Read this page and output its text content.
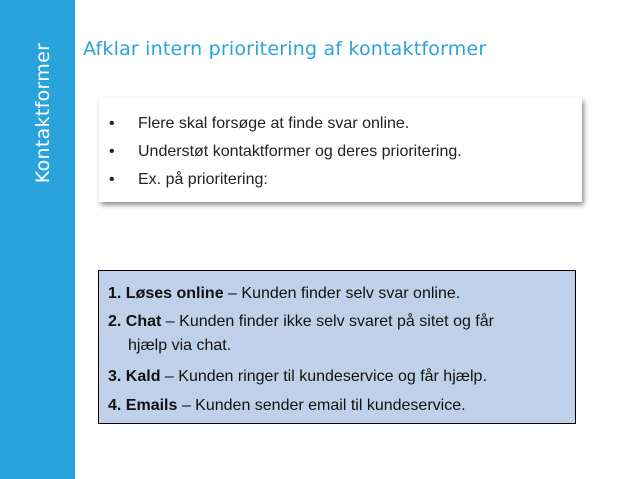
Kontaktformer Afklar intern prioritering af kontaktformer
• Flere skal forsøge at finde svar online.
• Understøt kontaktformer og deres prioritering.
• Ex. på prioritering:
1. Løses online – Kunden finder selv svar online.
2. Chat – Kunden finder ikke selv svaret på sitet og får
hjælp via chat.
3. Kald – Kunden ringer til kundeservice og får hjælp.
4. Emails – Kunden sender email til kundeservice.
